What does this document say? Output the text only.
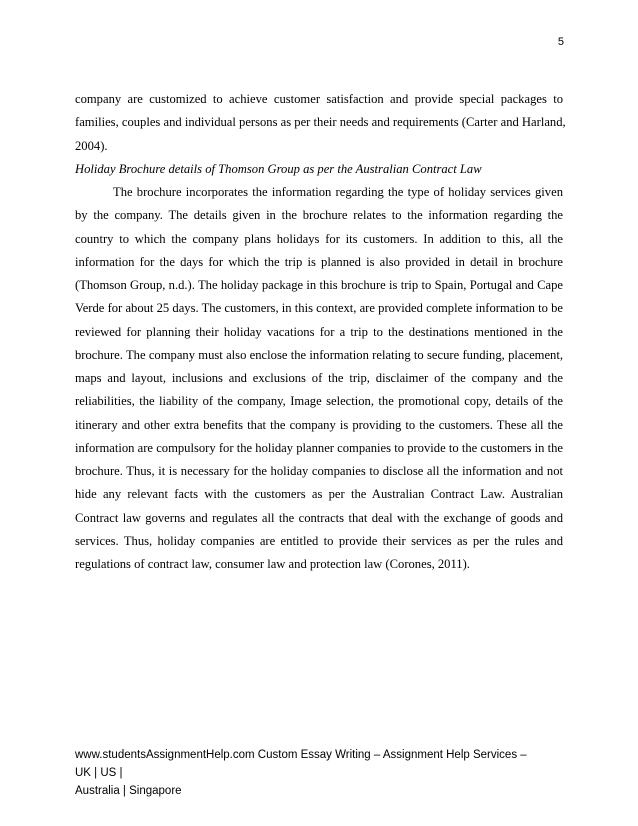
5
company are customized to achieve customer satisfaction and provide special packages to
families, couples and individual persons as per their needs and requirements (Carter and Harland,
2004).
Holiday Brochure details of Thomson Group as per the Australian Contract Law
The brochure incorporates the information regarding the type of holiday services given
by the company. The details given in the brochure relates to the information regarding the
country to which the company plans holidays for its customers. In addition to this, all the
information for the days for which the trip is planned is also provided in detail in brochure
(Thomson Group, n.d.). The holiday package in this brochure is trip to Spain, Portugal and Cape
Verde for about 25 days. The customers, in this context, are provided complete information to be
reviewed for planning their holiday vacations for a trip to the destinations mentioned in the
brochure. The company must also enclose the information relating to secure funding, placement,
maps and layout, inclusions and exclusions of the trip, disclaimer of the company and the
reliabilities, the liability of the company, Image selection, the promotional copy, details of the
itinerary and other extra benefits that the company is providing to the customers. These all the
information are compulsory for the holiday planner companies to provide to the customers in the
brochure. Thus, it is necessary for the holiday companies to disclose all the information and not
hide any relevant facts with the customers as per the Australian Contract Law. Australian
Contract law governs and regulates all the contracts that deal with the exchange of goods and
services. Thus, holiday companies are entitled to provide their services as per the rules and
regulations of contract law, consumer law and protection law (Corones, 2011).
www.studentsAssignmentHelp.com Custom Essay Writing – Assignment Help Services – UK | US |
Australia | Singapore
